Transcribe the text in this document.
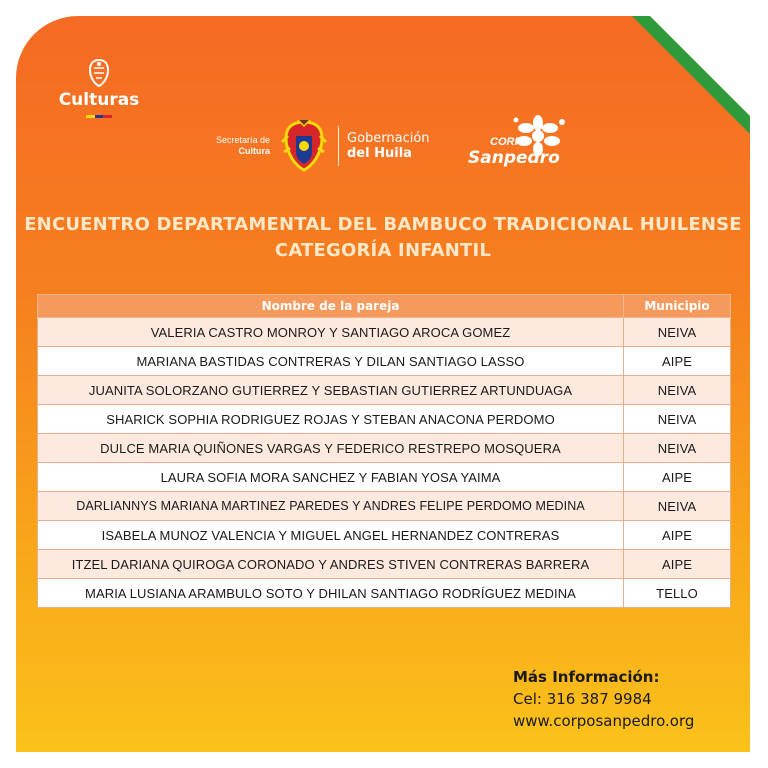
Culturas
Secretaría de
Cultura
Gobernación
del Huila
CORPO
Sanpedro
ENCUENTRO DEPARTAMENTAL DEL BAMBUCO TRADICIONAL HUILENSE
CATEGORÍA INFANTIL
Nombre de la pareja	Municipio
VALERIA CASTRO MONROY Y SANTIAGO AROCA GOMEZ	NEIVA
MARIANA BASTIDAS CONTRERAS Y DILAN SANTIAGO LASSO	AIPE
JUANITA SOLORZANO GUTIERREZ Y SEBASTIAN GUTIERREZ ARTUNDUAGA	NEIVA
SHARICK SOPHIA RODRIGUEZ ROJAS Y STEBAN ANACONA PERDOMO	NEIVA
DULCE MARIA QUIÑONES VARGAS Y FEDERICO RESTREPO MOSQUERA	NEIVA
LAURA SOFIA MORA SANCHEZ Y FABIAN YOSA YAIMA	AIPE
DARLIANNYS MARIANA MARTINEZ PAREDES Y ANDRES FELIPE PERDOMO MEDINA	NEIVA
ISABELA MUNOZ VALENCIA Y MIGUEL ANGEL HERNANDEZ CONTRERAS	AIPE
ITZEL DARIANA QUIROGA CORONADO Y ANDRES STIVEN CONTRERAS BARRERA	AIPE
MARIA LUSIANA ARAMBULO SOTO Y DHILAN SANTIAGO RODRÍGUEZ MEDINA	TELLO
Más Información:
Cel: 316 387 9984
www.corposanpedro.org
